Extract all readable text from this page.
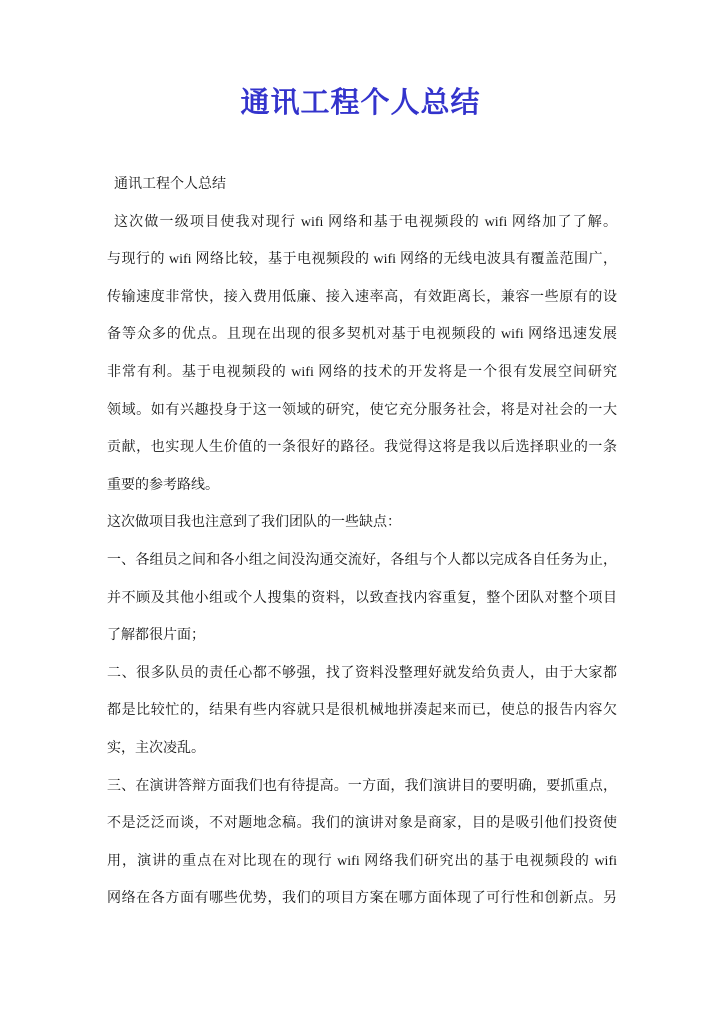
通讯工程个人总结
通讯工程个人总结
这次做一级项目使我对现行 wifi 网络和基于电视频段的 wifi 网络加了了解。
与现行的 wifi 网络比较，基于电视频段的 wifi 网络的无线电波具有覆盖范围广，
传输速度非常快，接入费用低廉、接入速率高，有效距离长，兼容一些原有的设
备等众多的优点。且现在出现的很多契机对基于电视频段的 wifi 网络迅速发展
非常有利。基于电视频段的 wifi 网络的技术的开发将是一个很有发展空间研究
领域。如有兴趣投身于这一领域的研究，使它充分服务社会，将是对社会的一大
贡献，也实现人生价值的一条很好的路径。我觉得这将是我以后选择职业的一条
重要的参考路线。
这次做项目我也注意到了我们团队的一些缺点：
一、各组员之间和各小组之间没沟通交流好，各组与个人都以完成各自任务为止，
并不顾及其他小组或个人搜集的资料，以致查找内容重复，整个团队对整个项目
了解都很片面；
二、很多队员的责任心都不够强，找了资料没整理好就发给负责人，由于大家都
都是比较忙的，结果有些内容就只是很机械地拼凑起来而已，使总的报告内容欠
实，主次凌乱。
三、在演讲答辩方面我们也有待提高。一方面，我们演讲目的要明确，要抓重点，
不是泛泛而谈，不对题地念稿。我们的演讲对象是商家，目的是吸引他们投资使
用，演讲的重点在对比现在的现行 wifi 网络我们研究出的基于电视频段的 wifi
网络在各方面有哪些优势，我们的项目方案在哪方面体现了可行性和创新点。另
